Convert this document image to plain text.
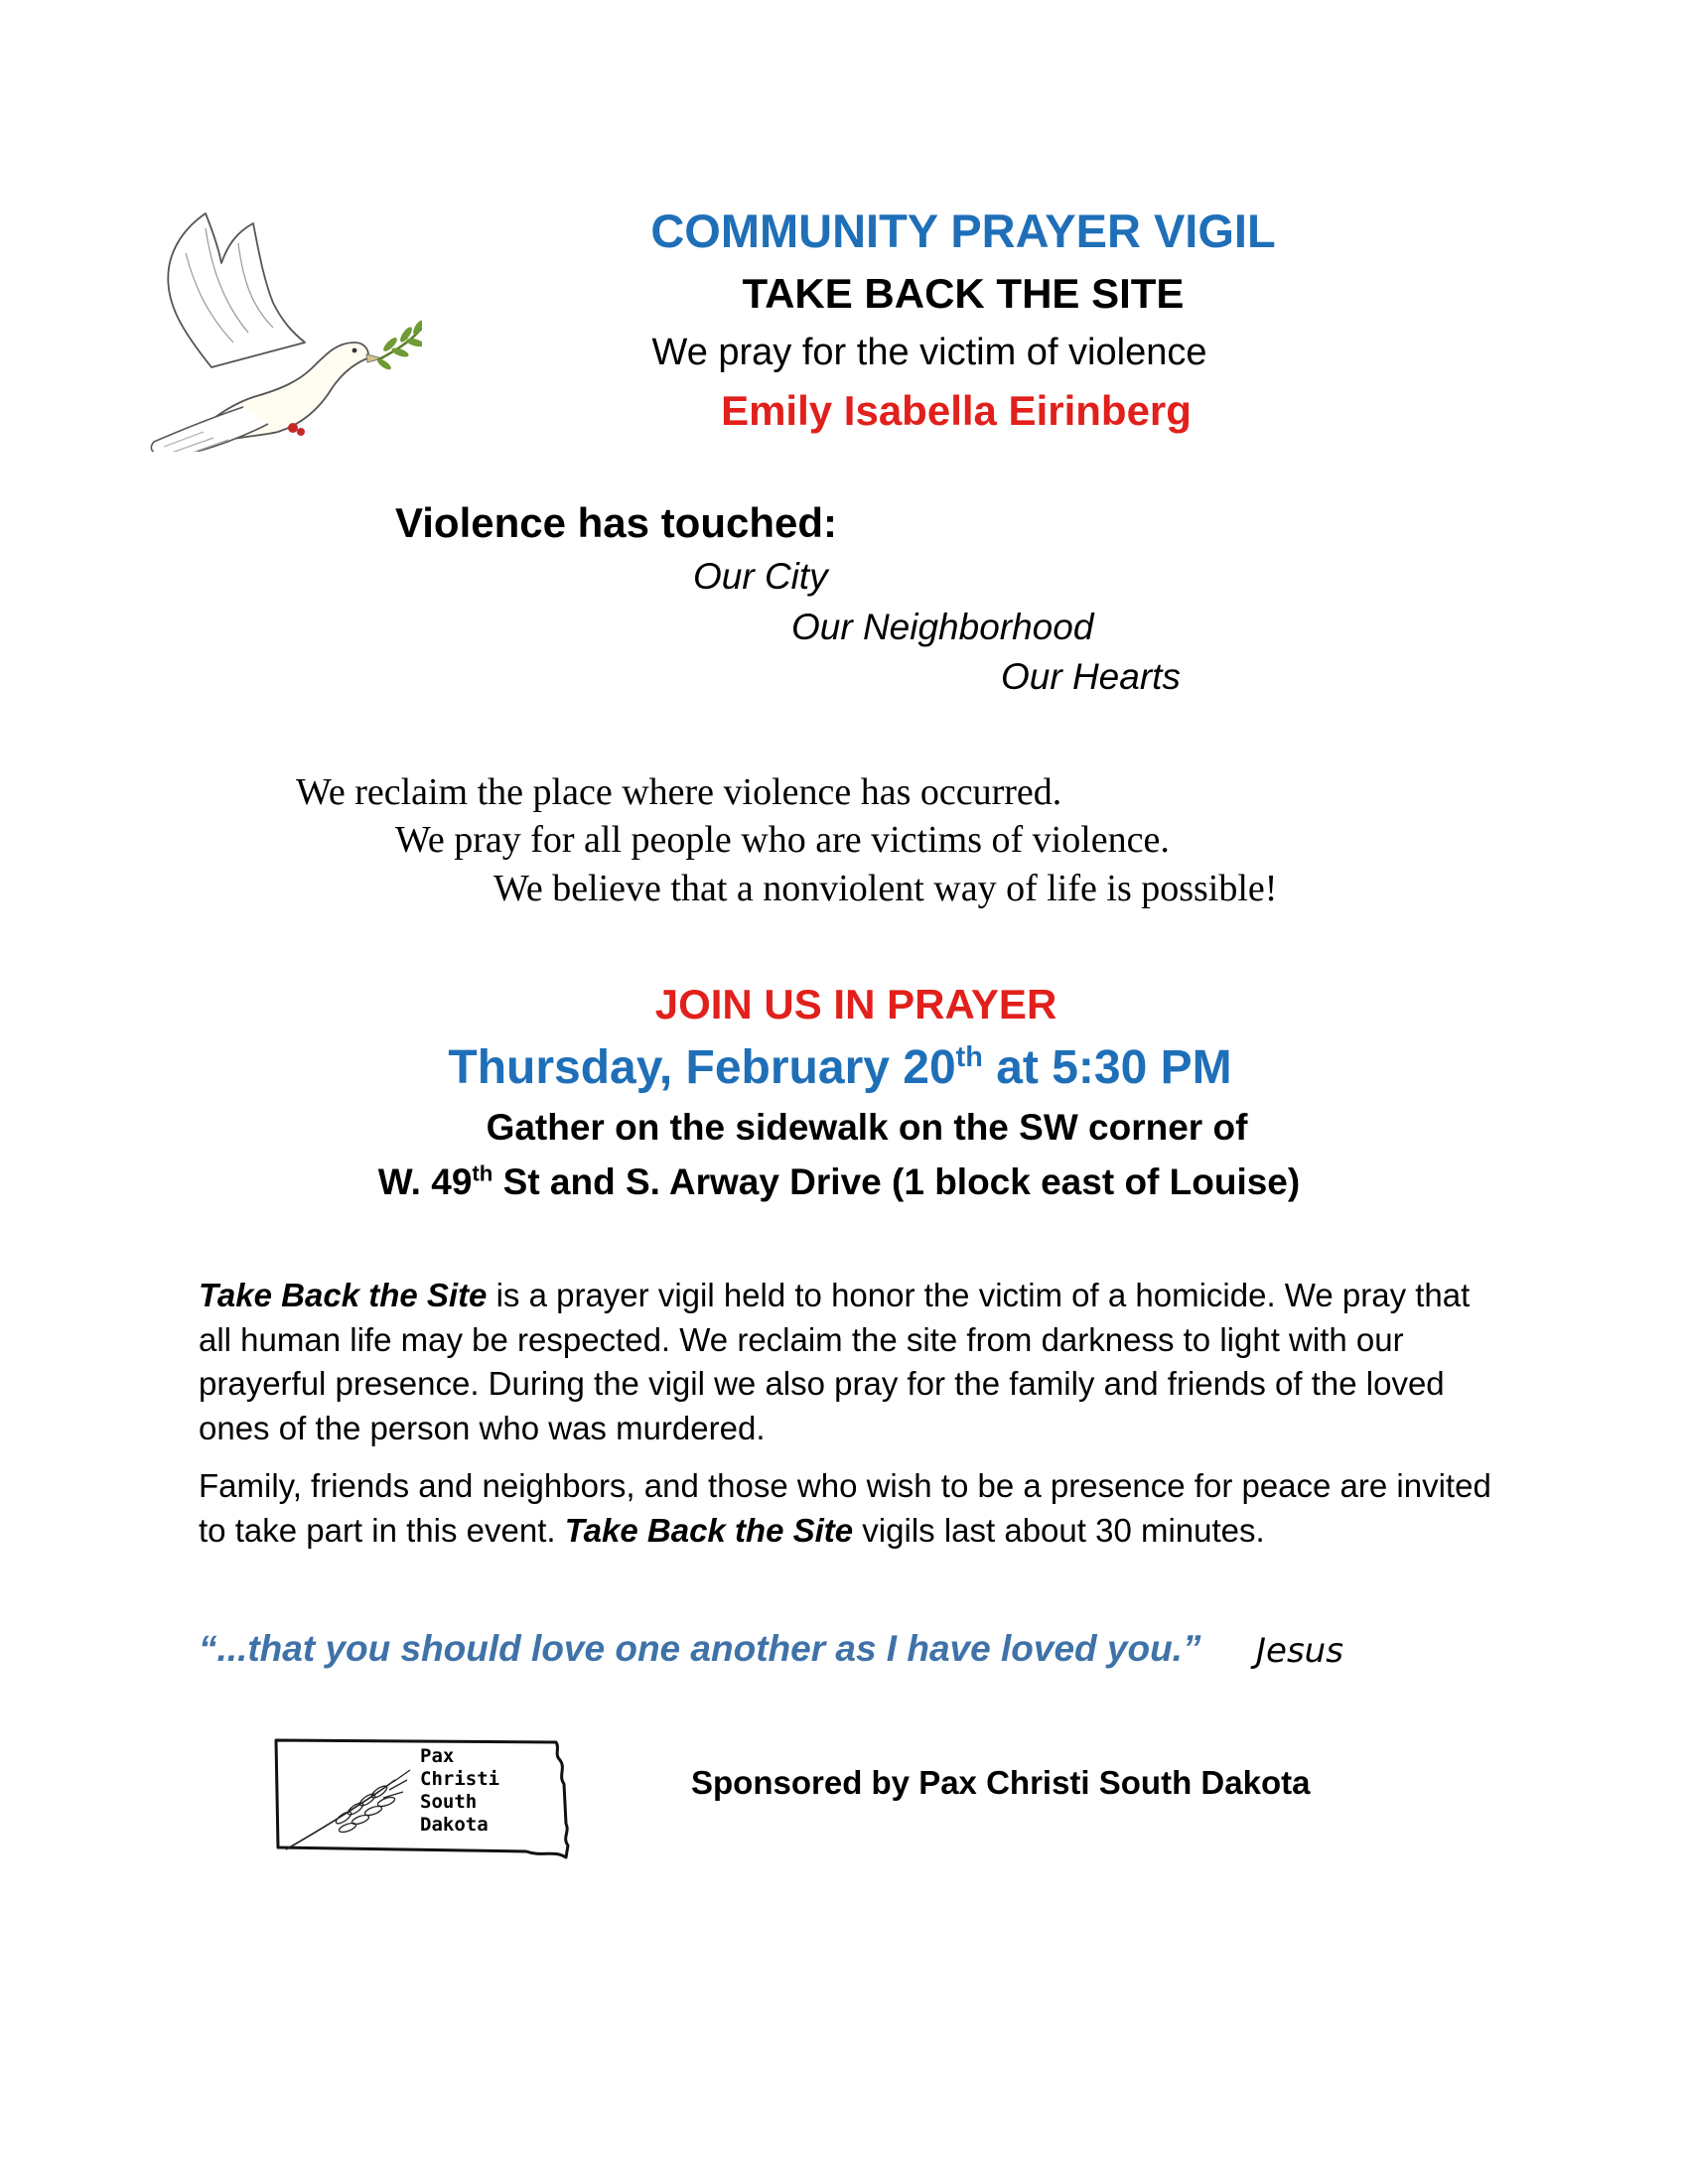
COMMUNITY PRAYER VIGIL
TAKE BACK THE SITE
We pray for the victim of violence
Emily Isabella Eirinberg
Violence has touched:
Our City
Our Neighborhood
Our Hearts
We reclaim the place where violence has occurred.
We pray for all people who are victims of violence.
We believe that a nonviolent way of life is possible!
JOIN US IN PRAYER
Thursday, February 20th at 5:30 PM
Gather on the sidewalk on the SW corner of
W. 49th St and S. Arway Drive (1 block east of Louise)

Take Back the Site is a prayer vigil held to honor the victim of a homicide. We pray that all human life may be respected. We reclaim the site from darkness to light with our prayerful presence. During the vigil we also pray for the family and friends of the loved ones of the person who was murdered.

Family, friends and neighbors, and those who wish to be a presence for peace are invited to take part in this event. Take Back the Site vigils last about 30 minutes.

“...that you should love one another as I have loved you.” Jesus
Pax
Christi
South
Dakota
Sponsored by Pax Christi South Dakota
